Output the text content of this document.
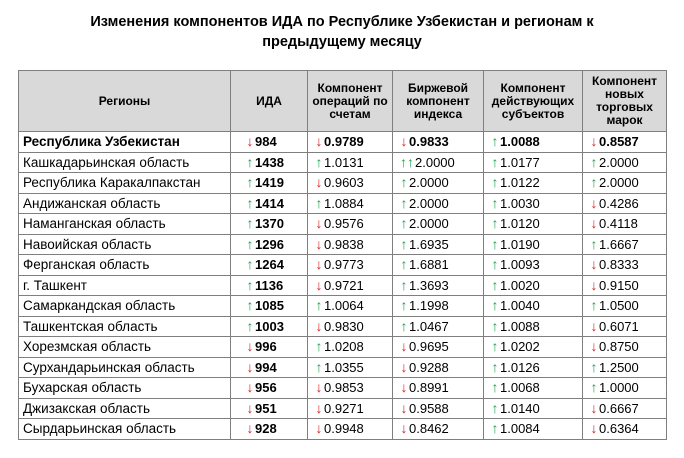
Изменения компонентов ИДА по Республике Узбекистан и регионам к
предыдущему месяцу
Регионы	ИДА	Компонент операций по счетам	Биржевой компонент индекса	Компонент действующих субъектов	Компонент новых торговых марок
Республика Узбекистан	↓ 984	↓ 0.9789	↓ 0.9833	↑ 1.0088	↓ 0.8587
Кашкадарьинская область	↑ 1438	↑ 1.0131	↑↑2.0000	↑ 1.0177	↑ 2.0000
Республика Каракалпакстан	↑ 1419	↓ 0.9603	↑ 2.0000	↑ 1.0122	↑ 2.0000
Андижанская область	↑ 1414	↑ 1.0884	↑ 2.0000	↑ 1.0030	↓ 0.4286
Наманганская область	↑ 1370	↓ 0.9576	↑ 2.0000	↑ 1.0120	↓ 0.4118
Навоийская область	↑ 1296	↓ 0.9838	↑ 1.6935	↑ 1.0190	↑ 1.6667
Ферганская область	↑ 1264	↓ 0.9773	↑ 1.6881	↑ 1.0093	↓ 0.8333
г. Ташкент	↑ 1136	↓ 0.9721	↑ 1.3693	↑ 1.0020	↓ 0.9150
Самаркандская область	↑ 1085	↑ 1.0064	↑ 1.1998	↑ 1.0040	↑ 1.0500
Ташкентская область	↑ 1003	↓ 0.9830	↑ 1.0467	↑ 1.0088	↓ 0.6071
Хорезмская область	↓ 996	↑ 1.0208	↓ 0.9695	↑ 1.0202	↓ 0.8750
Сурхандарьинская область	↓ 994	↑ 1.0355	↓ 0.9288	↑ 1.0126	↑ 1.2500
Бухарская область	↓ 956	↓ 0.9853	↓ 0.8991	↑ 1.0068	↑ 1.0000
Джизакская область	↓ 951	↓ 0.9271	↓ 0.9588	↑ 1.0140	↓ 0.6667
Сырдарьинская область	↓ 928	↓ 0.9948	↓ 0.8462	↑ 1.0084	↓ 0.6364
